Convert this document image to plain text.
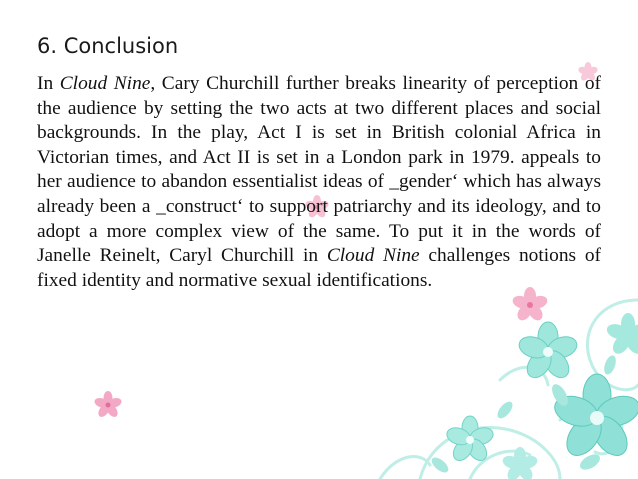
6. Conclusion

In Cloud Nine, Cary Churchill further breaks linearity of perception of the audience by setting the two acts at two different places and social backgrounds. In the play, Act I is set in British colonial Africa in Victorian times, and Act II is set in a London park in 1979. appeals to her audience to abandon essentialist ideas of _gender‘ which has always already been a _construct‘ to support patriarchy and its ideology, and to adopt a more complex view of the same. To put it in the words of Janelle Reinelt, Caryl Churchill in Cloud Nine challenges notions of fixed identity and normative sexual identifications.
